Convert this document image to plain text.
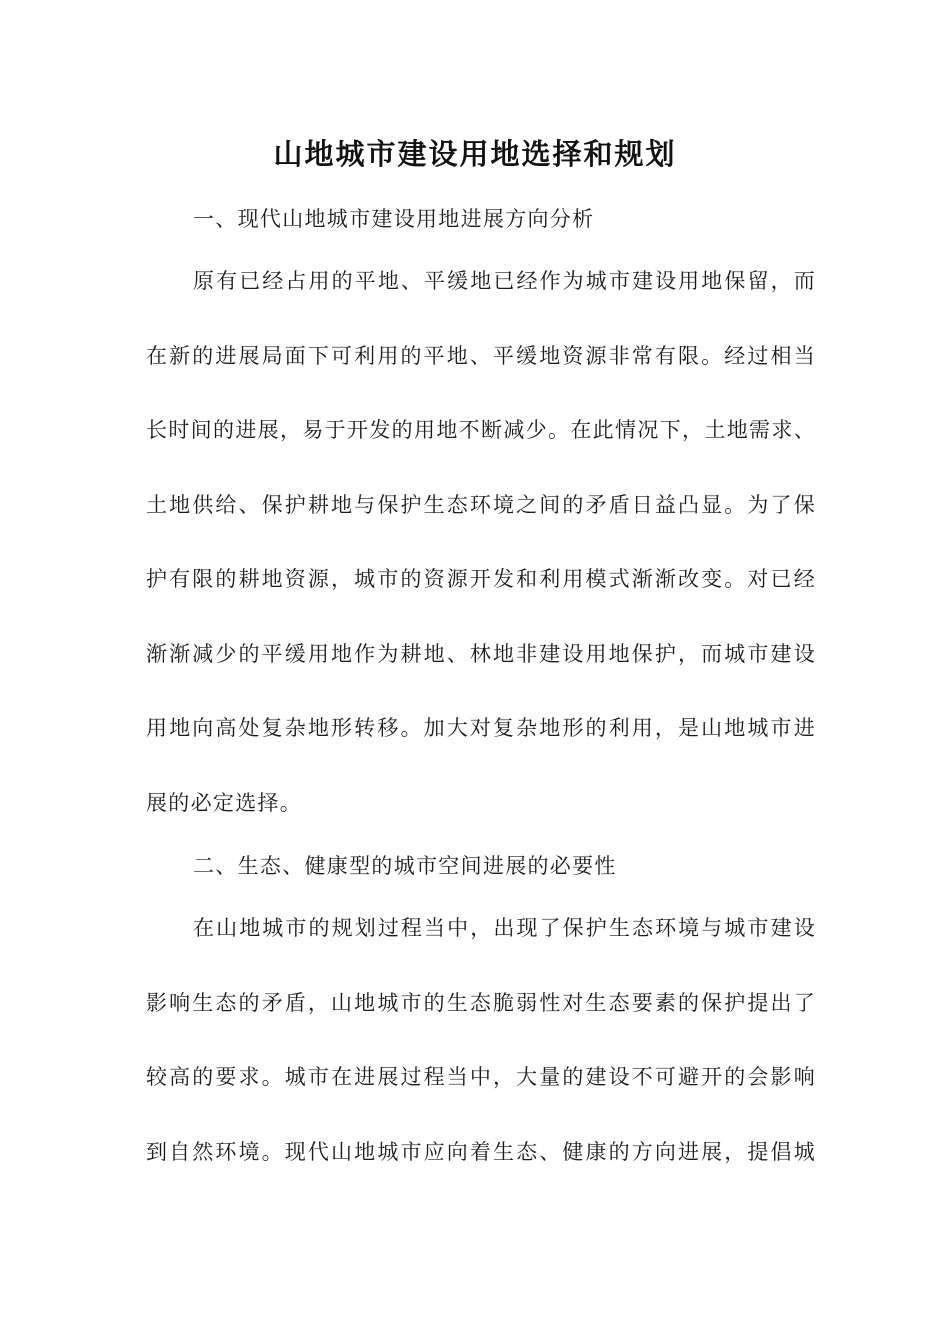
山地城市建设用地选择和规划

一、现代山地城市建设用地进展方向分析

原有已经占用的平地、平缓地已经作为城市建设用地保留，而

在新的进展局面下可利用的平地、平缓地资源非常有限。经过相当

长时间的进展，易于开发的用地不断减少。在此情况下，土地需求、

土地供给、保护耕地与保护生态环境之间的矛盾日益凸显。为了保

护有限的耕地资源，城市的资源开发和利用模式渐渐改变。对已经

渐渐减少的平缓用地作为耕地、林地非建设用地保护，而城市建设

用地向高处复杂地形转移。加大对复杂地形的利用，是山地城市进

展的必定选择。

二、生态、健康型的城市空间进展的必要性

在山地城市的规划过程当中，出现了保护生态环境与城市建设

影响生态的矛盾，山地城市的生态脆弱性对生态要素的保护提出了

较高的要求。城市在进展过程当中，大量的建设不可避开的会影响

到自然环境。现代山地城市应向着生态、健康的方向进展，提倡城
